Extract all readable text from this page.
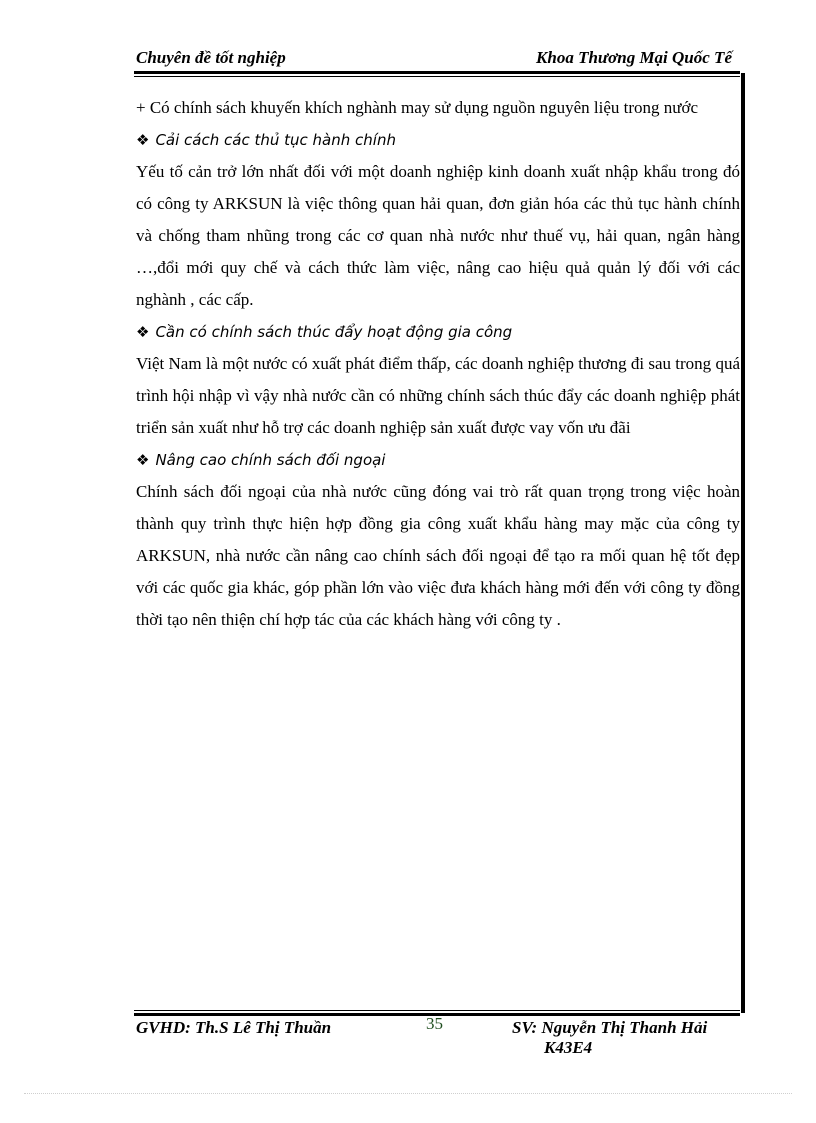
Chuyên đề tốt nghiệp	Khoa Thương Mại Quốc Tế

+ Có chính sách khuyến khích nghành may sử dụng nguồn nguyên liệu trong nước

❖ Cải cách các thủ tục hành chính

Yếu tố cản trở lớn nhất đối với một doanh nghiệp kinh doanh xuất nhập khẩu trong đó có công ty ARKSUN là việc thông quan hải quan, đơn giản hóa các thủ tục hành chính và chống tham nhũng trong các cơ quan nhà nước như thuế vụ, hải quan, ngân hàng …,đổi mới quy chế và cách thức làm việc, nâng cao hiệu quả quản lý đối với các nghành , các cấp.

❖ Cần có chính sách thúc đẩy hoạt động gia công

Việt Nam là một nước có xuất phát điểm thấp, các doanh nghiệp thương đi sau trong quá trình hội nhập vì vậy nhà nước cần có những chính sách thúc đẩy các doanh nghiệp phát triển sản xuất như hỗ trợ các doanh nghiệp sản xuất được vay vốn ưu đãi

❖ Nâng cao chính sách đối ngoại

Chính sách đối ngoại của nhà nước cũng đóng vai trò rất quan trọng trong việc hoàn thành quy trình thực hiện hợp đồng gia công xuất khẩu hàng may mặc của công ty ARKSUN, nhà nước cần nâng cao chính sách đối ngoại để tạo ra mối quan hệ tốt đẹp với các quốc gia khác, góp phần lớn vào việc đưa khách hàng mới đến với công ty đồng thời tạo nên thiện chí hợp tác của các khách hàng với công ty .

GVHD: Th.S Lê Thị Thuần	35	SV: Nguyễn Thị Thanh Hải
K43E4
